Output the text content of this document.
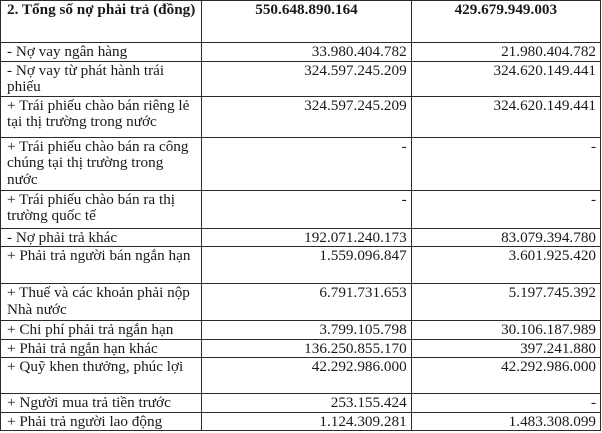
2. Tổng số nợ phải trả (đồng)	550.648.890.164	429.679.949.003
- Nợ vay ngân hàng	33.980.404.782	21.980.404.782
- Nợ vay từ phát hành trái phiếu	324.597.245.209	324.620.149.441
+ Trái phiếu chào bán riêng lẻ tại thị trường trong nước	324.597.245.209	324.620.149.441
+ Trái phiếu chào bán ra công chúng tại thị trường trong nước	-	-
+ Trái phiếu chào bán ra thị trường quốc tế	-	-
- Nợ phải trả khác	192.071.240.173	83.079.394.780
+ Phải trả người bán ngắn hạn	1.559.096.847	3.601.925.420
+ Thuế và các khoản phải nộp Nhà nước	6.791.731.653	5.197.745.392
+ Chi phí phải trả ngắn hạn	3.799.105.798	30.106.187.989
+ Phải trả ngắn hạn khác	136.250.855.170	397.241.880
+ Quỹ khen thưởng, phúc lợi	42.292.986.000	42.292.986.000
+ Người mua trả tiền trước	253.155.424	-
+ Phải trả người lao động	1.124.309.281	1.483.308.099
